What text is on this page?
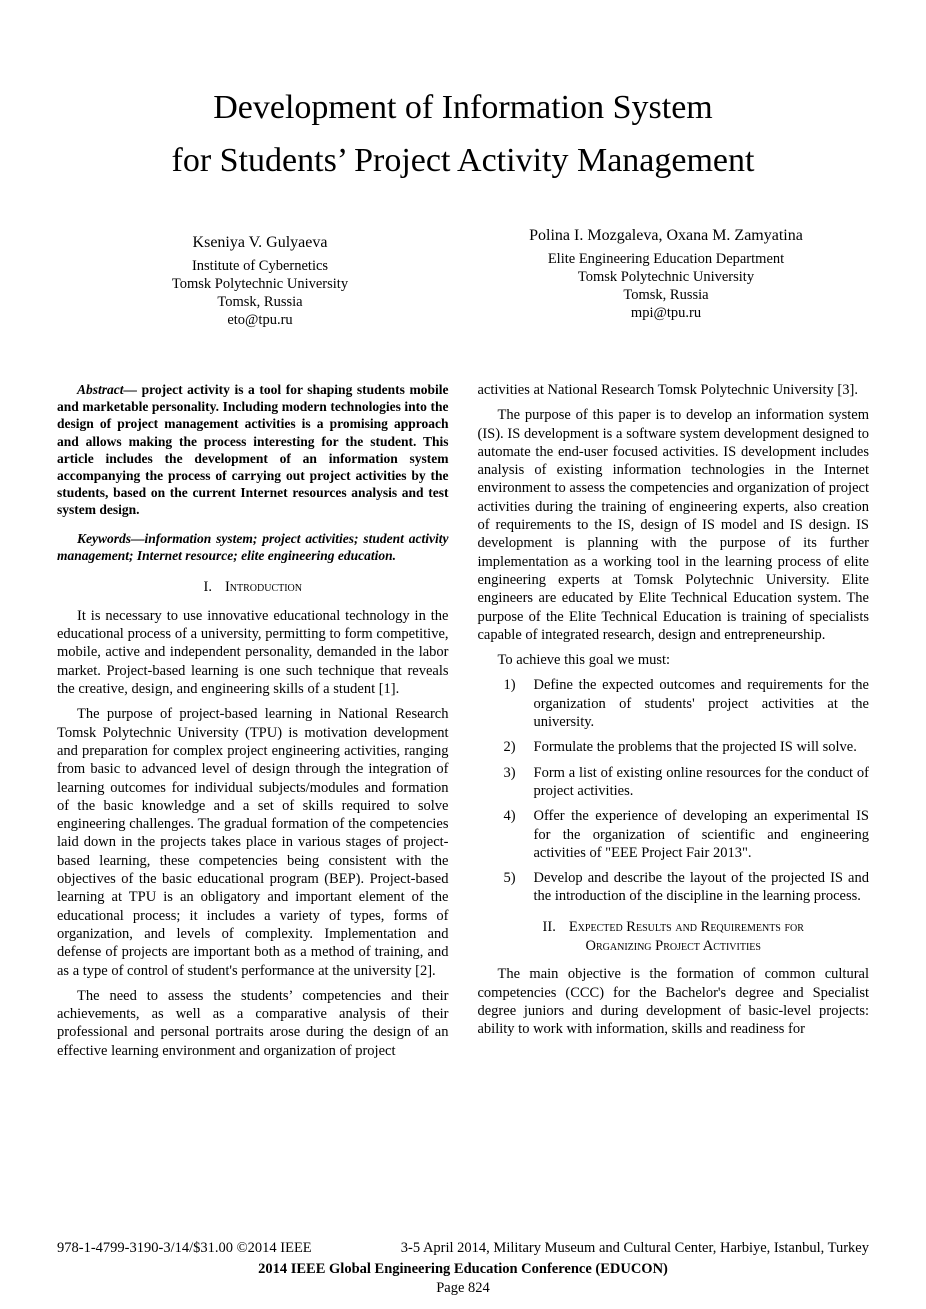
Development of Information System
for Students’ Project Activity Management
Kseniya V. Gulyaeva
Institute of Cybernetics
Tomsk Polytechnic University
Tomsk, Russia
eto@tpu.ru
Polina I. Mozgaleva, Oxana M. Zamyatina
Elite Engineering Education Department
Tomsk Polytechnic University
Tomsk, Russia
mpi@tpu.ru

Abstract— project activity is a tool for shaping students mobile and marketable personality. Including modern technologies into the design of project management activities is a promising approach and allows making the process interesting for the student. This article includes the development of an information system accompanying the process of carrying out project activities by the students, based on the current Internet resources analysis and test system design.

Keywords—information system; project activities; student activity management; Internet resource; elite engineering education.

I. Introduction

It is necessary to use innovative educational technology in the educational process of a university, permitting to form competitive, mobile, active and independent personality, demanded in the labor market. Project-based learning is one such technique that reveals the creative, design, and engineering skills of a student [1].

The purpose of project-based learning in National Research Tomsk Polytechnic University (TPU) is motivation development and preparation for complex project engineering activities, ranging from basic to advanced level of design through the integration of learning outcomes for individual subjects/modules and formation of the basic knowledge and a set of skills required to solve engineering challenges. The gradual formation of the competencies laid down in the projects takes place in various stages of project-based learning, these competencies being consistent with the objectives of the basic educational program (BEP). Project-based learning at TPU is an obligatory and important element of the educational process; it includes a variety of types, forms of organization, and levels of complexity. Implementation and defense of projects are important both as a method of training, and as a type of control of student's performance at the university [2].

The need to assess the students’ competencies and their achievements, as well as a comparative analysis of their professional and personal portraits arose during the design of an effective learning environment and organization of project

activities at National Research Tomsk Polytechnic University [3].

The purpose of this paper is to develop an information system (IS). IS development is a software system development designed to automate the end-user focused activities. IS development includes analysis of existing information technologies in the Internet environment to assess the competencies and organization of project activities during the training of engineering experts, also creation of requirements to the IS, design of IS model and IS design. IS development is planning with the purpose of its further implementation as a working tool in the learning process of elite engineering experts at Tomsk Polytechnic University. Elite engineers are educated by Elite Technical Education system. The purpose of the Elite Technical Education is training of specialists capable of integrated research, design and entrepreneurship.

To achieve this goal we must:

1)	Define the expected outcomes and requirements for the organization of students' project activities at the university.
2)	Formulate the problems that the projected IS will solve.
3)	Form a list of existing online resources for the conduct of project activities.
4)	Offer the experience of developing an experimental IS for the organization of scientific and engineering activities of "EEE Project Fair 2013".
5)	Develop and describe the layout of the projected IS and the introduction of the discipline in the learning process.
II. Expected Results and Requirements for
Organizing Project Activities

The main objective is the formation of common cultural competencies (CCC) for the Bachelor's degree and Specialist degree juniors and during development of basic-level projects: ability to work with information, skills and readiness for

978-1-4799-3190-3/14/$31.00 ©2014 IEEE	3-5 April 2014, Military Museum and Cultural Center, Harbiye, Istanbul, Turkey
2014 IEEE Global Engineering Education Conference (EDUCON)
Page 824
